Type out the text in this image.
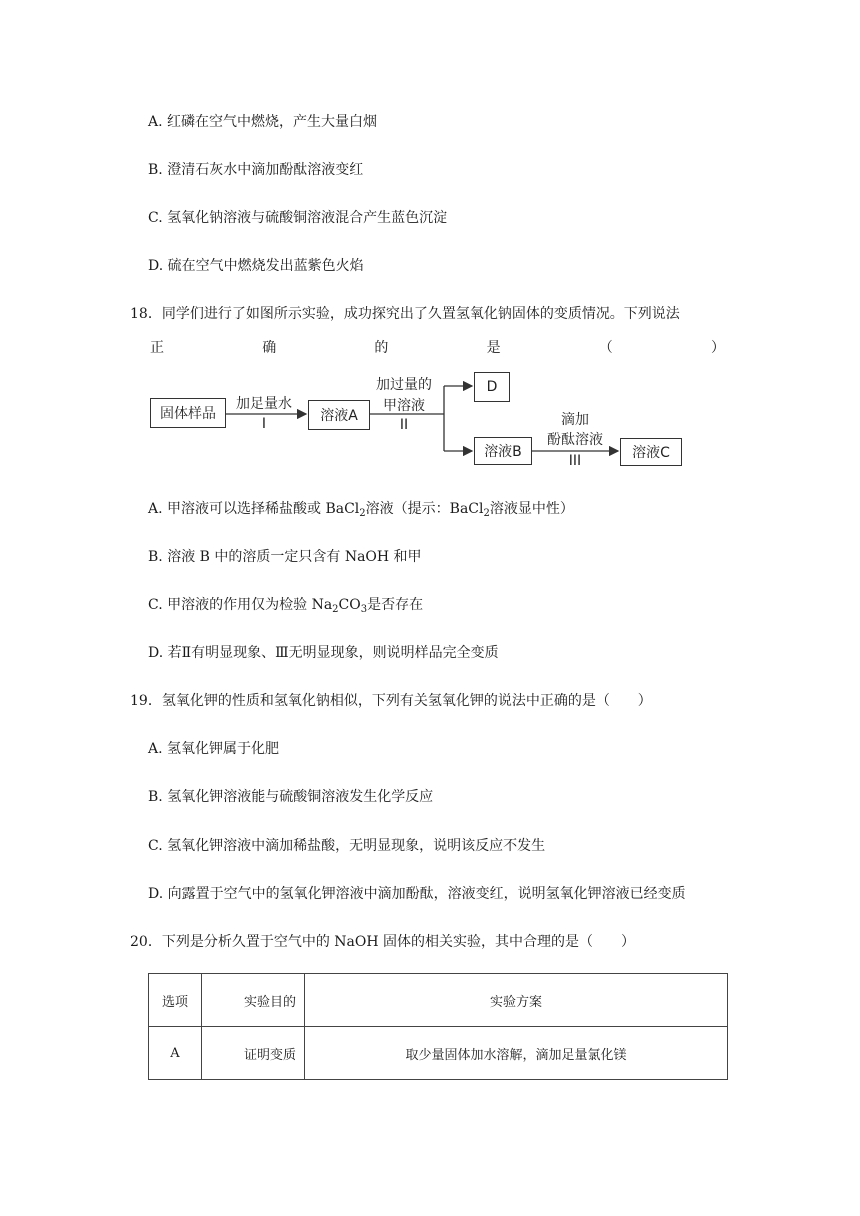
A. 红磷在空气中燃烧，产生大量白烟
B. 澄清石灰水中滴加酚酞溶液变红
C. 氢氧化钠溶液与硫酸铜溶液混合产生蓝色沉淀
D. 硫在空气中燃烧发出蓝紫色火焰
18．同学们进行了如图所示实验，成功探究出了久置氢氧化钠固体的变质情况。下列说法
正	确	的	是	（	）
固体样品
加足量水
I	溶液A
加过量的
甲溶液
II
D
溶液B
滴加
酚酞溶液
III	溶液C
A. 甲溶液可以选择稀盐酸或 BaCl$_2$溶液（提示：BaCl$_2$溶液显中性）
B. 溶液 B 中的溶质一定只含有 NaOH 和甲
C. 甲溶液的作用仅为检验 $Na_2CO_3$是否存在
D. 若Ⅱ有明显现象、Ⅲ无明显现象，则说明样品完全变质
19．氢氧化钾的性质和氢氧化钠相似，下列有关氢氧化钾的说法中正确的是（　　）
A. 氢氧化钾属于化肥
B. 氢氧化钾溶液能与硫酸铜溶液发生化学反应
C. 氢氧化钾溶液中滴加稀盐酸，无明显现象，说明该反应不发生
D. 向露置于空气中的氢氧化钾溶液中滴加酚酞，溶液变红，说明氢氧化钾溶液已经变质
20．下列是分析久置于空气中的 NaOH 固体的相关实验，其中合理的是（　　）
选项	实验目的	实验方案
A	证明变质	取少量固体加水溶解，滴加足量氯化镁
